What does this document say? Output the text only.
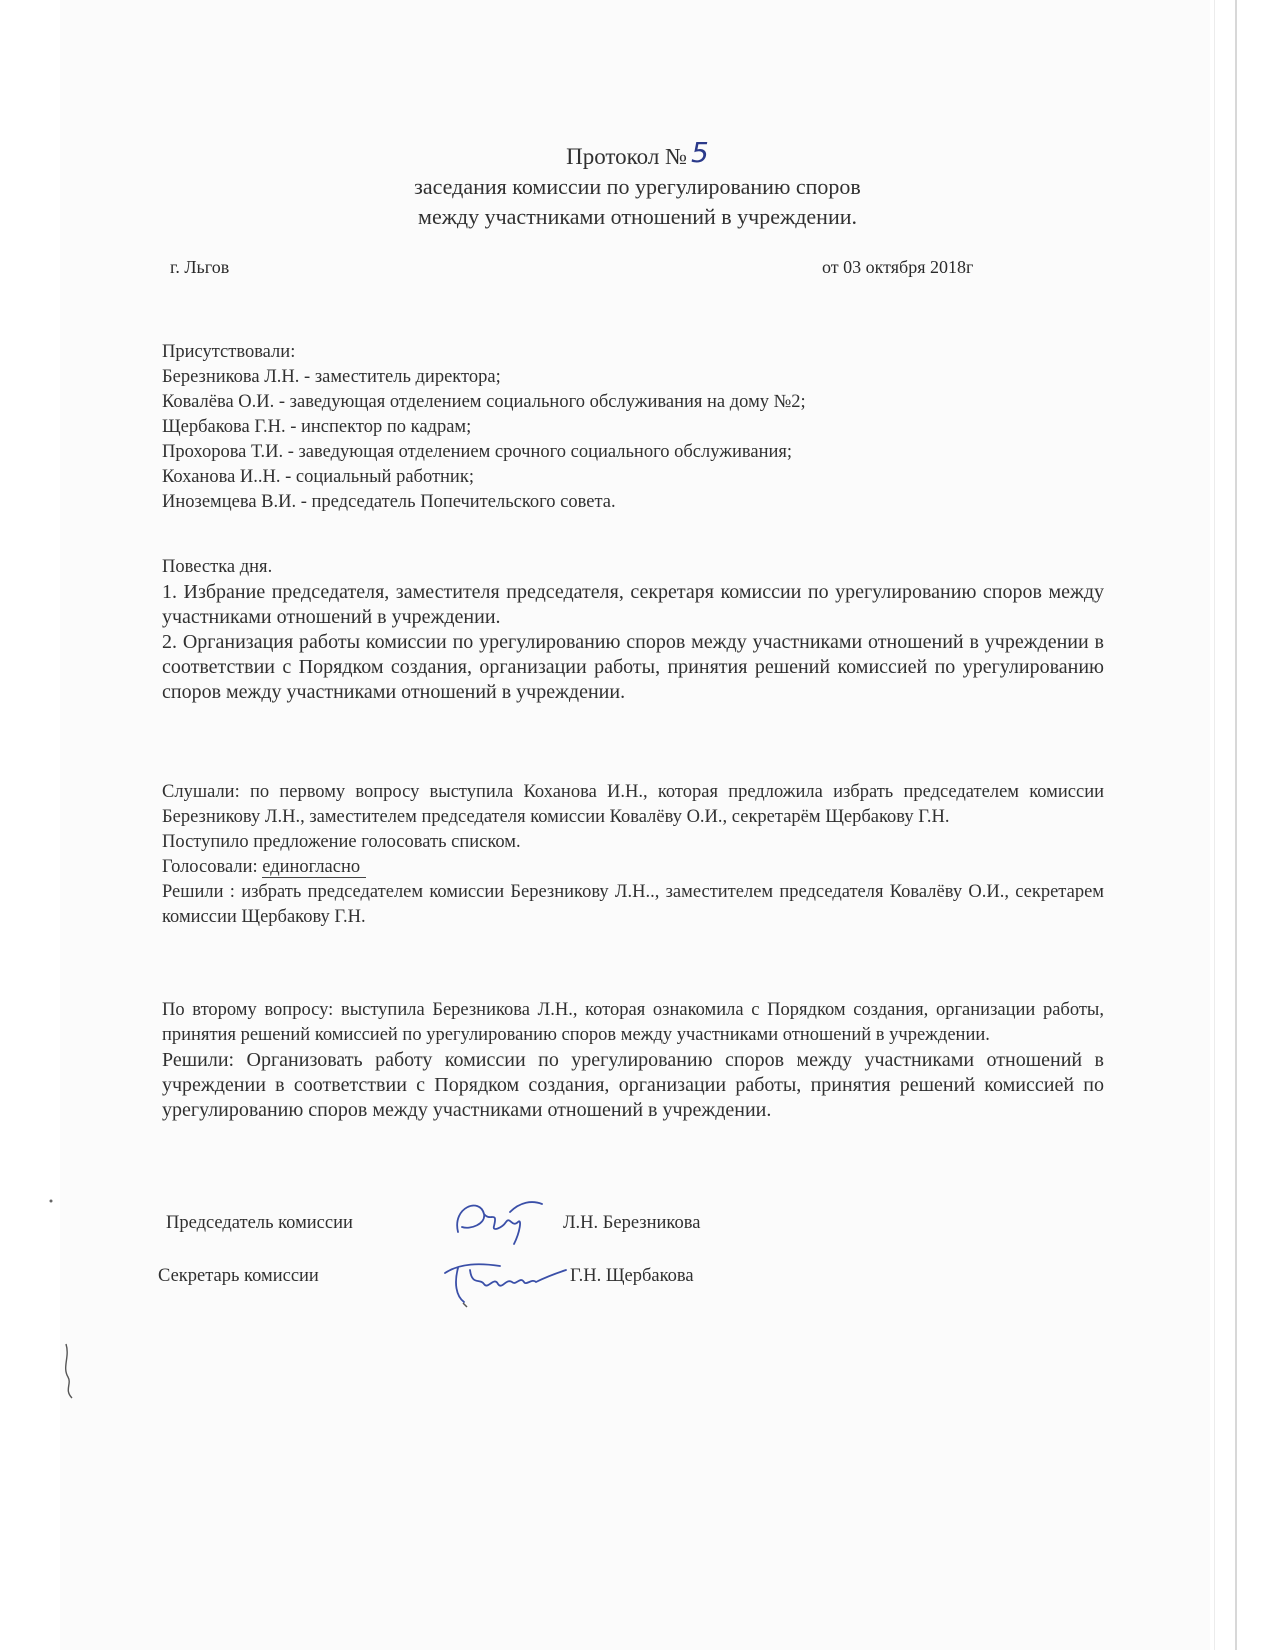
Протокол № 5
заседания комиссии по урегулированию споров
между участниками отношений в учреждении.
г. Льгов	от 03 октября 2018г

Присутствовали:

Березникова Л.Н. - заместитель директора;

Ковалёва О.И. - заведующая отделением социального обслуживания на дому №2;

Щербакова Г.Н. - инспектор по кадрам;

Прохорова Т.И. - заведующая отделением срочного социального обслуживания;

Коханова И..Н. - социальный работник;

Иноземцева В.И. - председатель Попечительского совета.

Повестка дня.

1. Избрание председателя, заместителя председателя, секретаря комиссии по урегулированию споров между участниками отношений в учреждении.

2. Организация работы комиссии по урегулированию споров между участниками отношений в учреждении в соответствии с Порядком создания, организации работы, принятия решений комиссией по урегулированию споров между участниками отношений в учреждении.

Слушали: по первому вопросу выступила Коханова И.Н., которая предложила избрать председателем комиссии Березникову Л.Н., заместителем председателя комиссии Ковалёву О.И., секретарём Щербакову Г.Н.

Поступило предложение голосовать списком.

Голосовали: единогласно

Решили : избрать председателем комиссии Березникову Л.Н.., заместителем председателя Ковалёву О.И., секретарем комиссии Щербакову Г.Н.

По второму вопросу: выступила Березникова Л.Н., которая ознакомила с Порядком создания, организации работы, принятия решений комиссией по урегулированию споров между участниками отношений в учреждении.

Решили: Организовать работу комиссии по урегулированию споров между участниками отношений в учреждении в соответствии с Порядком создания, организации работы, принятия решений комиссией по урегулированию споров между участниками отношений в учреждении.

Председатель комиссии	Л.Н. Березникова
Секретарь комиссии	Г.Н. Щербакова
